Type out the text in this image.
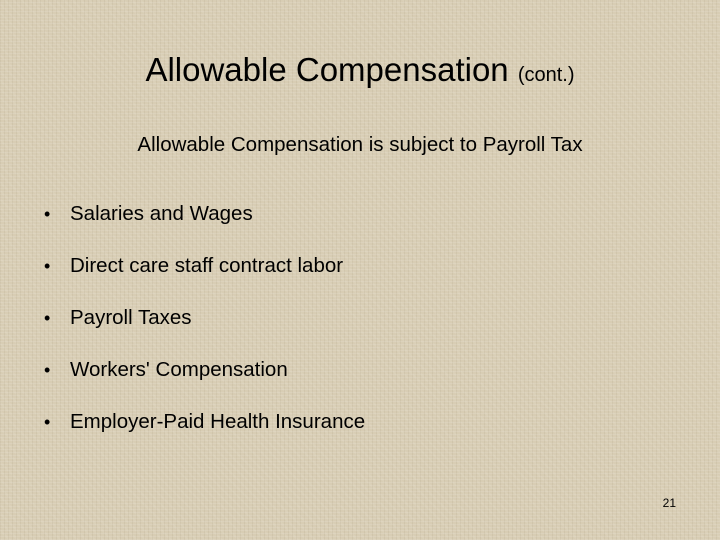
Allowable Compensation (cont.)
Allowable Compensation is subject to Payroll Tax
• Salaries and Wages
• Direct care staff contract labor
• Payroll Taxes
• Workers' Compensation
• Employer-Paid Health Insurance
21
